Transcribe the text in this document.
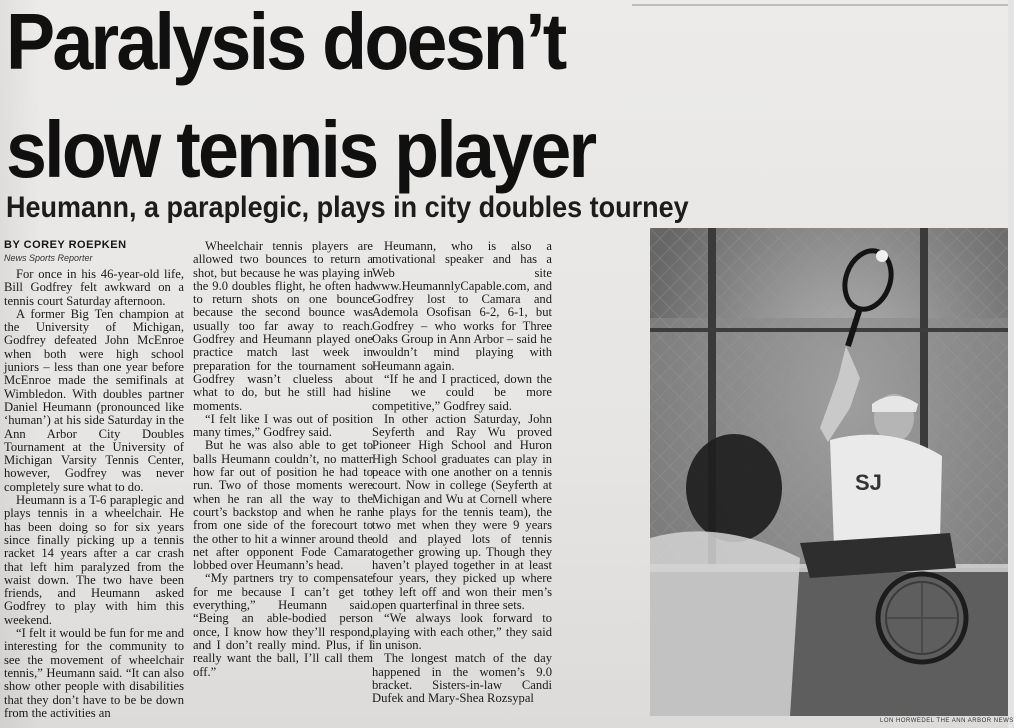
Paralysis doesn’t
slow tennis player
Heumann, a paraplegic, plays in city doubles tourney
BY COREY ROEPKEN
News Sports Reporter

For once in his 46-year-old life, Bill Godfrey felt awkward on a tennis court Saturday afternoon.

A former Big Ten champion at the University of Michigan, Godfrey defeated John McEnroe when both were high school juniors – less than one year before McEnroe made the semifinals at Wimbledon. With doubles partner Daniel Heumann (pronounced like ‘human’) at his side Saturday in the Ann Arbor City Doubles Tournament at the University of Michigan Varsity Tennis Center, however, Godfrey was never completely sure what to do.

Heumann is a T-6 paraplegic and plays tennis in a wheelchair. He has been doing so for six years since finally picking up a tennis racket 14 years after a car crash that left him paralyzed from the waist down. The two have been friends, and Heumann asked Godfrey to play with him this weekend.

“I felt it would be fun for me and interesting for the community to see the movement of wheelchair tennis,” Heumann said. “It can also show other people with disabilities that they don’t have to be be down from the activities an

Wheelchair tennis players are allowed two bounces to return a shot, but because he was playing in the 9.0 doubles flight, he often had to return shots on one bounce because the second bounce was usually too far away to reach. Godfrey and Heumann played one practice match last week in preparation for the tournament so Godfrey wasn’t clueless about what to do, but he still had his moments.

“I felt like I was out of position many times,” Godfrey said.

But he was also able to get to balls Heumann couldn’t, no matter how far out of position he had to run. Two of those moments were when he ran all the way to the court’s backstop and when he ran from one side of the forecourt to the other to hit a winner around the net after opponent Fode Camara lobbed over Heumann’s head.

“My partners try to compensate for me because I can’t get to everything,” Heumann said. “Being an able-bodied person once, I know how they’ll respond, and I don’t really mind. Plus, if I really want the ball, I’ll call them off.”

Heumann, who is also a motivational speaker and has a Web site www.HeumannlyCapable.com, and Godfrey lost to Camara and Ademola Osofisan 6-2, 6-1, but Godfrey – who works for Three Oaks Group in Ann Arbor – said he wouldn’t mind playing with Heumann again.

“If he and I practiced, down the line we could be more competitive,” Godfrey said.

In other action Saturday, John Seyferth and Ray Wu proved Pioneer High School and Huron High School graduates can play in peace with one another on a tennis court. Now in college (Seyferth at Michigan and Wu at Cornell where he plays for the tennis team), the two met when they were 9 years old and played lots of tennis together growing up. Though they haven’t played together in at least four years, they picked up where they left off and won their men’s open quarterfinal in three sets.

“We always look forward to playing with each other,” they said in unison.

The longest match of the day happened in the women’s 9.0 bracket. Sisters-in-law Candi Dufek and Mary-Shea Rozsypal

SJ
LON HORWEDEL THE ANN ARBOR NEWS
